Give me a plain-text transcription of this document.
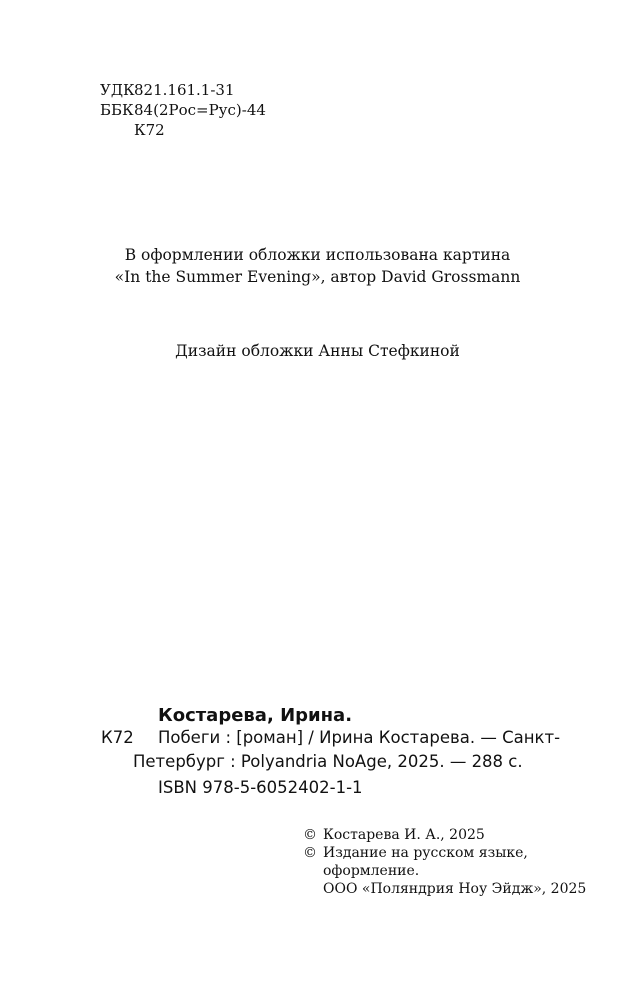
УДК 821.161.1-31
ББК 84(2Рос=Рус)-44
К72
В оформлении обложки использована картина
«In the Summer Evening», автор David Grossmann
Дизайн обложки Анны Стефкиной
Костарева, Ирина.
К72 Побеги : [роман] / Ирина Костарева. — Санкт-
Петербург : Polyandria NoAge, 2025. — 288 с.
ISBN 978-5-6052402-1-1
© Костарева И. А., 2025
© Издание на русском языке,
оформление.
ООО «Поляндрия Ноу Эйдж», 2025
